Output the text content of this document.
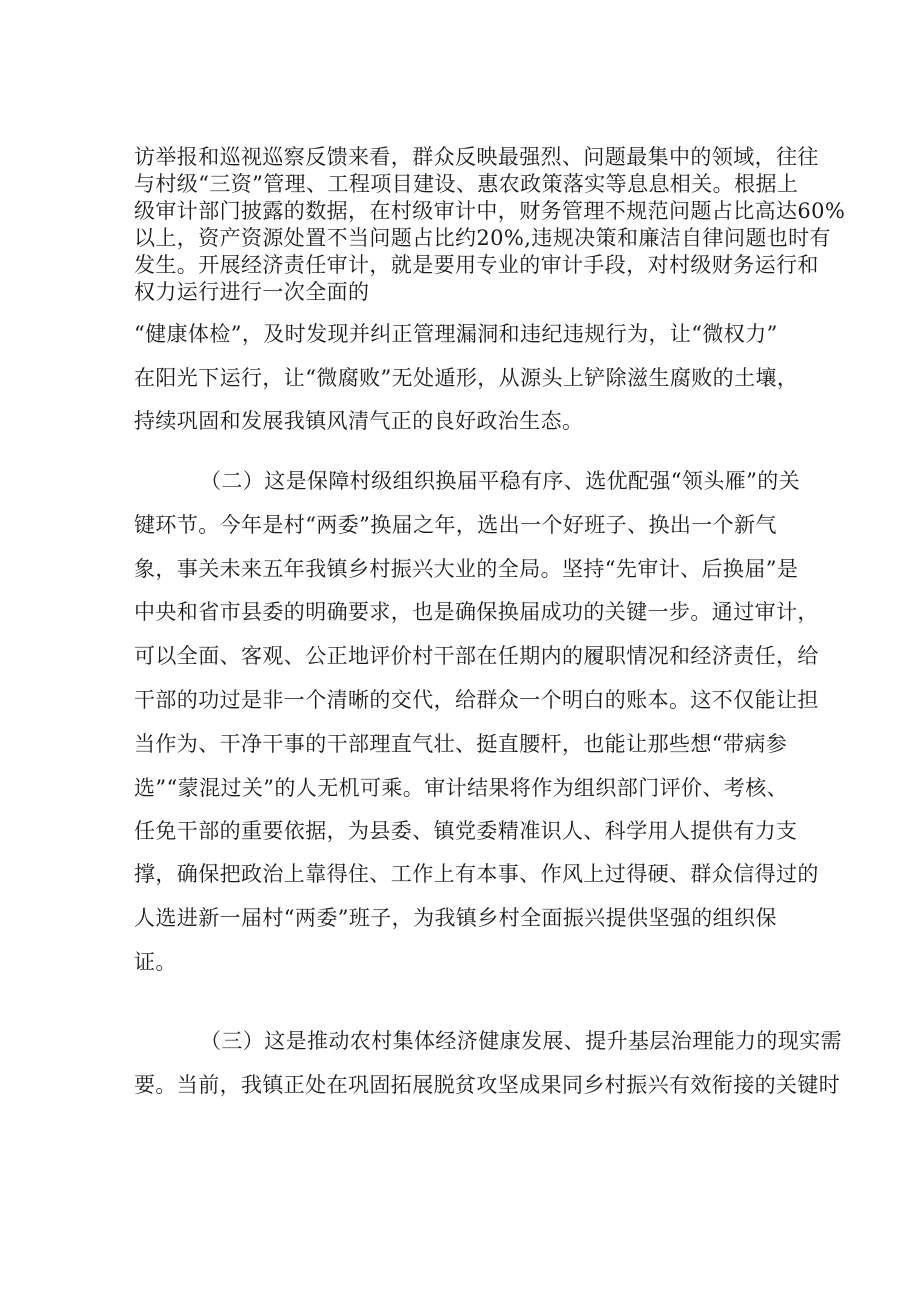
访举报和巡视巡察反馈来看，群众反映最强烈、问题最集中的领域，往往
与村级“三资”管理、工程项目建设、惠农政策落实等息息相关。根据上
级审计部门披露的数据，在村级审计中，财务管理不规范问题占比高达60%
以上，资产资源处置不当问题占比约20%,违规决策和廉洁自律问题也时有
发生。开展经济责任审计，就是要用专业的审计手段，对村级财务运行和
权力运行进行一次全面的
“健康体检”，及时发现并纠正管理漏洞和违纪违规行为，让“微权力”
在阳光下运行，让“微腐败”无处遁形，从源头上铲除滋生腐败的土壤，
持续巩固和发展我镇风清气正的良好政治生态。
（二）这是保障村级组织换届平稳有序、选优配强“领头雁”的关
键环节。今年是村“两委”换届之年，选出一个好班子、换出一个新气
象，事关未来五年我镇乡村振兴大业的全局。坚持“先审计、后换届”是
中央和省市县委的明确要求，也是确保换届成功的关键一步。通过审计，
可以全面、客观、公正地评价村干部在任期内的履职情况和经济责任，给
干部的功过是非一个清晰的交代，给群众一个明白的账本。这不仅能让担
当作为、干净干事的干部理直气壮、挺直腰杆，也能让那些想“带病参
选”“蒙混过关”的人无机可乘。审计结果将作为组织部门评价、考核、
任免干部的重要依据，为县委、镇党委精准识人、科学用人提供有力支
撑，确保把政治上靠得住、工作上有本事、作风上过得硬、群众信得过的
人选进新一届村“两委”班子，为我镇乡村全面振兴提供坚强的组织保
证。
（三）这是推动农村集体经济健康发展、提升基层治理能力的现实需
要。当前，我镇正处在巩固拓展脱贫攻坚成果同乡村振兴有效衔接的关键时
